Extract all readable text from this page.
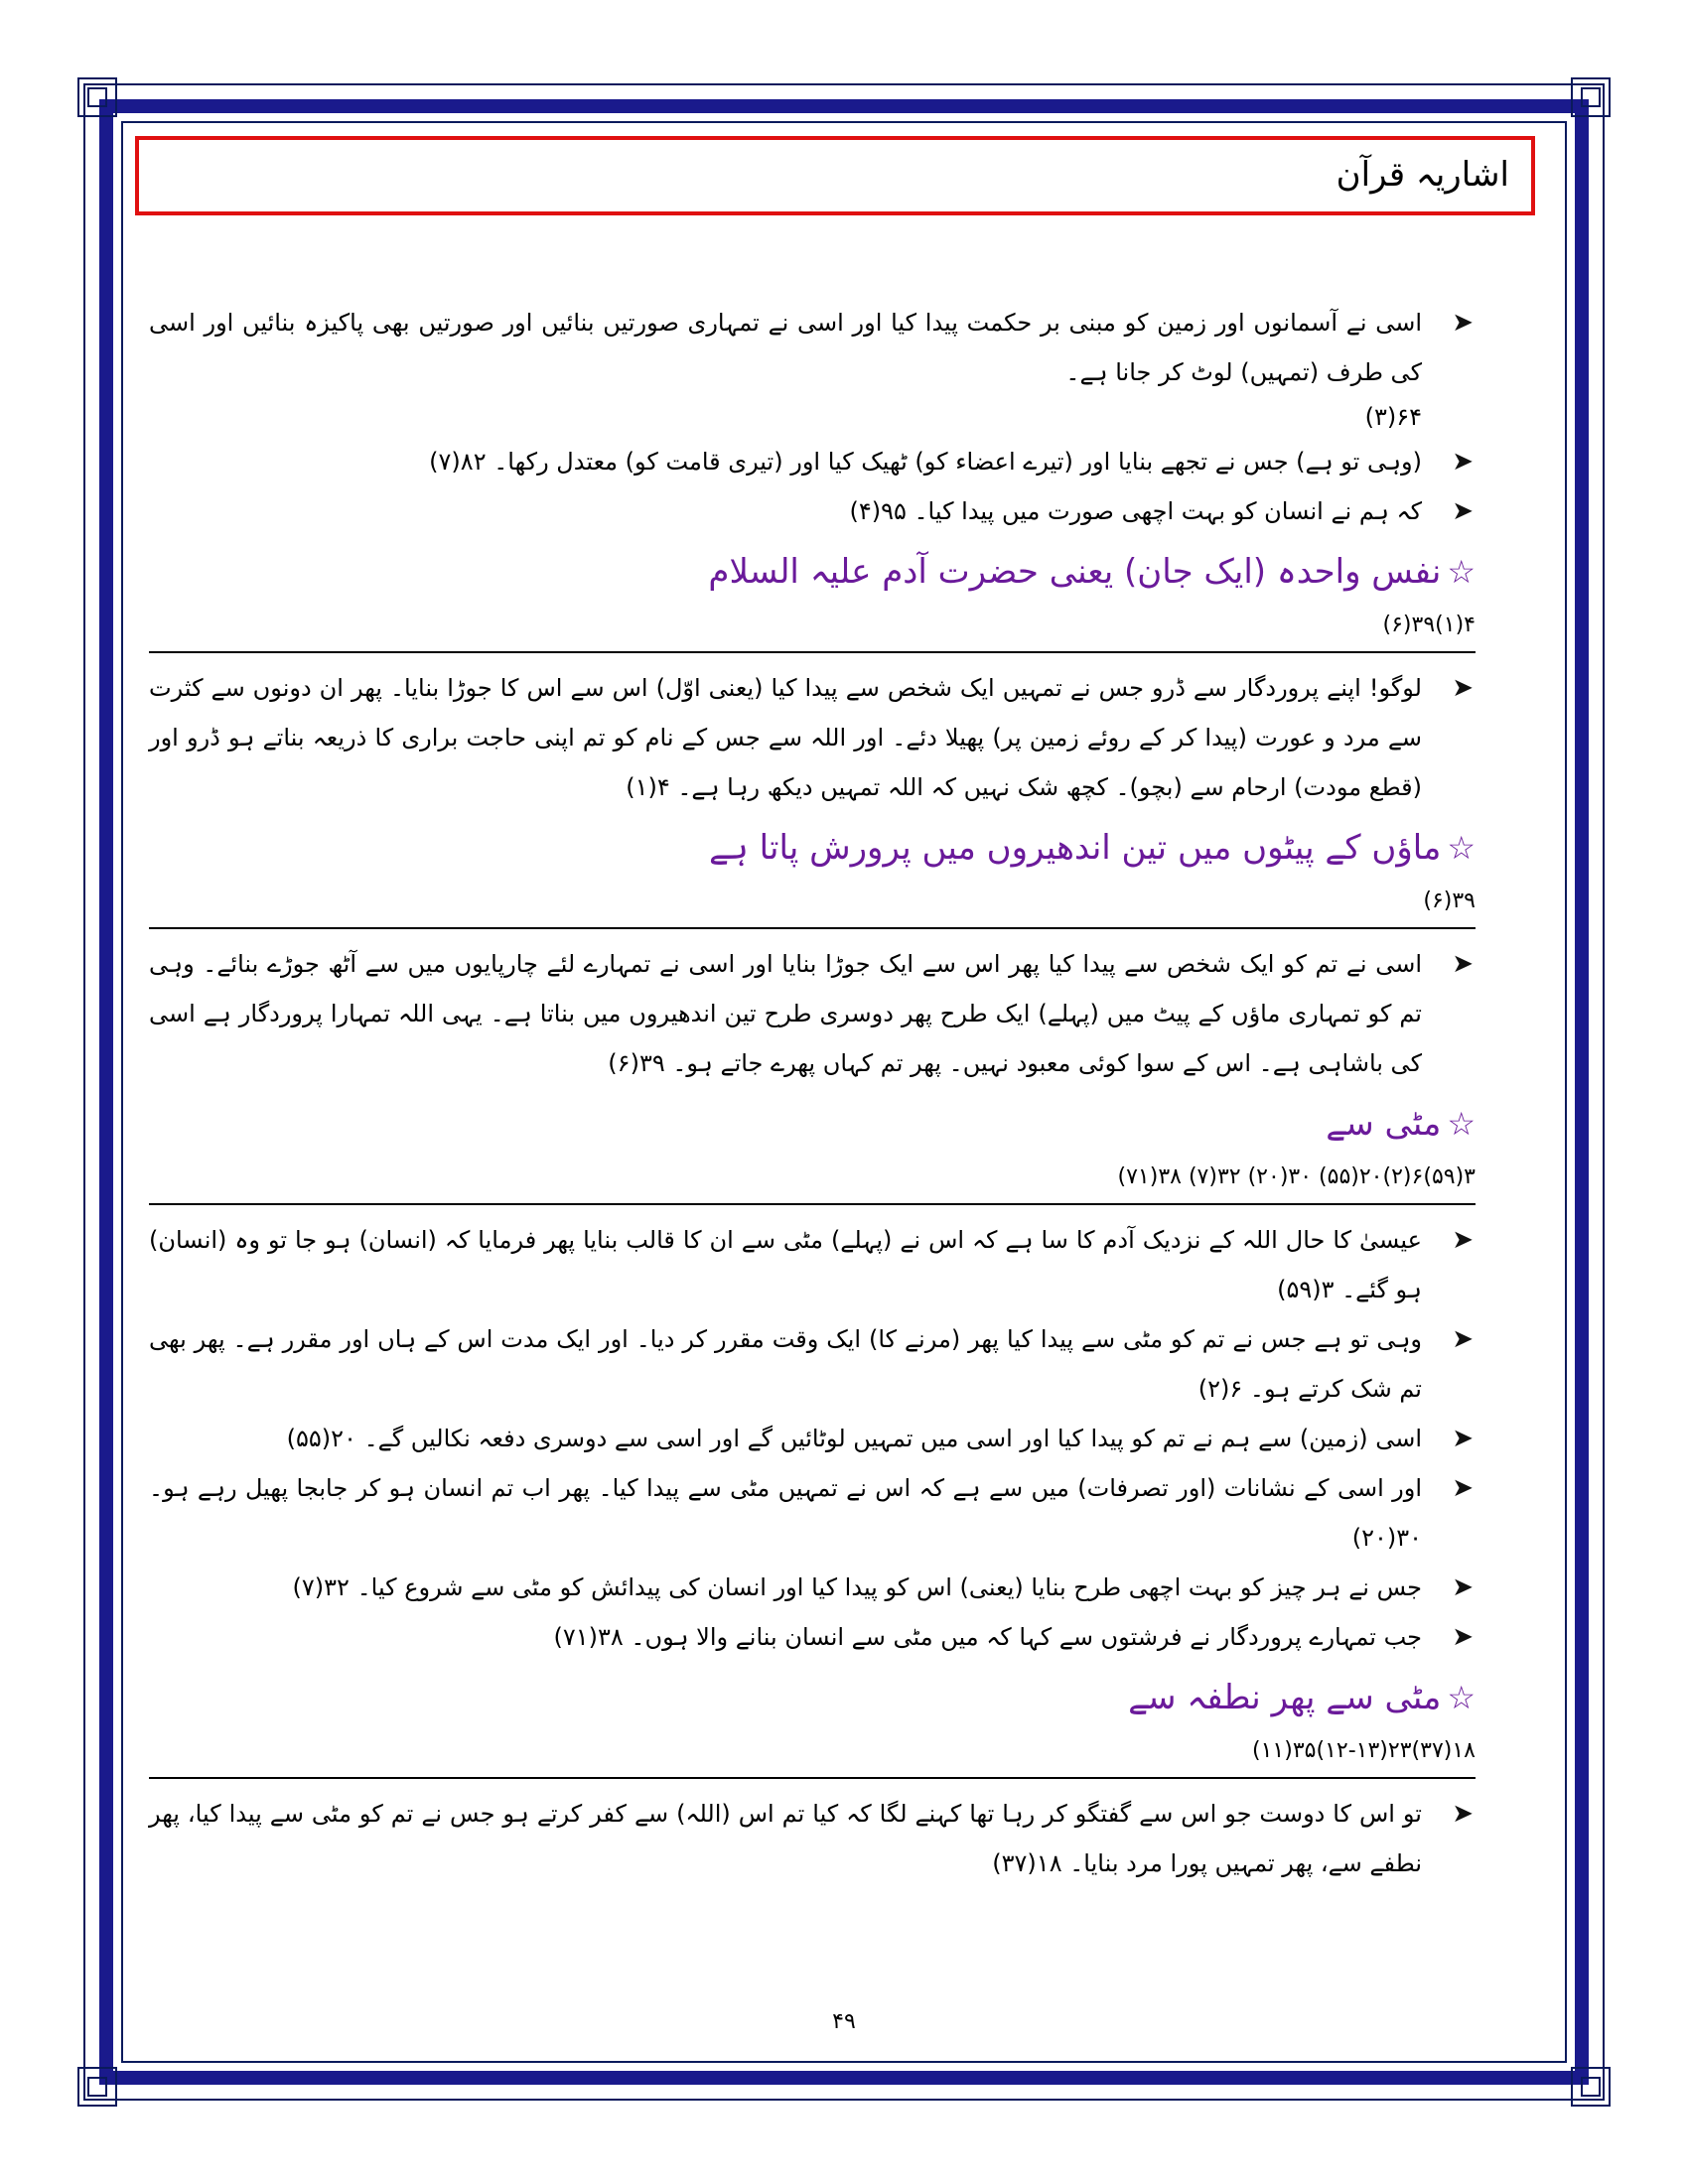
اشاریہ قرآن
➤
اسی نے آسمانوں اور زمین کو مبنی بر حکمت پیدا کیا اور اسی نے تمہاری صورتیں بنائیں اور صورتیں بھی پاکیزہ بنائیں اور اسی کی طرف (تمہیں) لوٹ کر جانا ہے۔
۶۴(۳)
➤
(وہی تو ہے) جس نے تجھے بنایا اور (تیرے اعضاء کو) ٹھیک کیا اور (تیری قامت کو) معتدل رکھا۔ ۸۲(۷)
➤
کہ ہم نے انسان کو بہت اچھی صورت میں پیدا کیا۔ ۹۵(۴)
☆نفس واحدہ (ایک جان) یعنی حضرت آدم علیہ السلام
۴(۱)۳۹(۶)
➤
لوگو! اپنے پروردگار سے ڈرو جس نے تمہیں ایک شخص سے پیدا کیا (یعنی اوّل) اس سے اس کا جوڑا بنایا۔ پھر ان دونوں سے کثرت سے مرد و عورت (پیدا کر کے روئے زمین پر) پھیلا دئے۔ اور اللہ سے جس کے نام کو تم اپنی حاجت براری کا ذریعہ بناتے ہو ڈرو اور (قطع مودت) ارحام سے (بچو)۔ کچھ شک نہیں کہ اللہ تمہیں دیکھ رہا ہے۔ ۴(۱)
☆ماؤں کے پیٹوں میں تین اندھیروں میں پرورش پاتا ہے
۳۹(۶)
➤
اسی نے تم کو ایک شخص سے پیدا کیا پھر اس سے ایک جوڑا بنایا اور اسی نے تمہارے لئے چارپایوں میں سے آٹھ جوڑے بنائے۔ وہی تم کو تمہاری ماؤں کے پیٹ میں (پہلے) ایک طرح پھر دوسری طرح تین اندھیروں میں بناتا ہے۔ یہی اللہ تمہارا پروردگار ہے اسی کی باشاہی ہے۔ اس کے سوا کوئی معبود نہیں۔ پھر تم کہاں پھرے جاتے ہو۔ ۳۹(۶)
☆مٹی سے
۳(۵۹)۶(۲)۲۰(۵۵) ۳۰(۲۰) ۳۲(۷) ۳۸(۷۱)
➤
عیسیٰ کا حال اللہ کے نزدیک آدم کا سا ہے کہ اس نے (پہلے) مٹی سے ان کا قالب بنایا پھر فرمایا کہ (انسان) ہو جا تو وہ (انسان) ہو گئے۔ ۳(۵۹)
➤
وہی تو ہے جس نے تم کو مٹی سے پیدا کیا پھر (مرنے کا) ایک وقت مقرر کر دیا۔ اور ایک مدت اس کے ہاں اور مقرر ہے۔ پھر بھی تم شک کرتے ہو۔ ۶(۲)
➤
اسی (زمین) سے ہم نے تم کو پیدا کیا اور اسی میں تمہیں لوٹائیں گے اور اسی سے دوسری دفعہ نکالیں گے۔ ۲۰(۵۵)
➤
اور اسی کے نشانات (اور تصرفات) میں سے ہے کہ اس نے تمہیں مٹی سے پیدا کیا۔ پھر اب تم انسان ہو کر جابجا پھیل رہے ہو۔ ۳۰(۲۰)
➤
جس نے ہر چیز کو بہت اچھی طرح بنایا (یعنی) اس کو پیدا کیا اور انسان کی پیدائش کو مٹی سے شروع کیا۔ ۳۲(۷)
➤
جب تمہارے پروردگار نے فرشتوں سے کہا کہ میں مٹی سے انسان بنانے والا ہوں۔ ۳۸(۷۱)
☆مٹی سے پھر نطفہ سے
۱۸(۳۷)۲۳(۱۲-۱۳)۳۵(۱۱)
➤
تو اس کا دوست جو اس سے گفتگو کر رہا تھا کہنے لگا کہ کیا تم اس (اللہ) سے کفر کرتے ہو جس نے تم کو مٹی سے پیدا کیا، پھر نطفے سے، پھر تمہیں پورا مرد بنایا۔ ۱۸(۳۷)
۴۹
